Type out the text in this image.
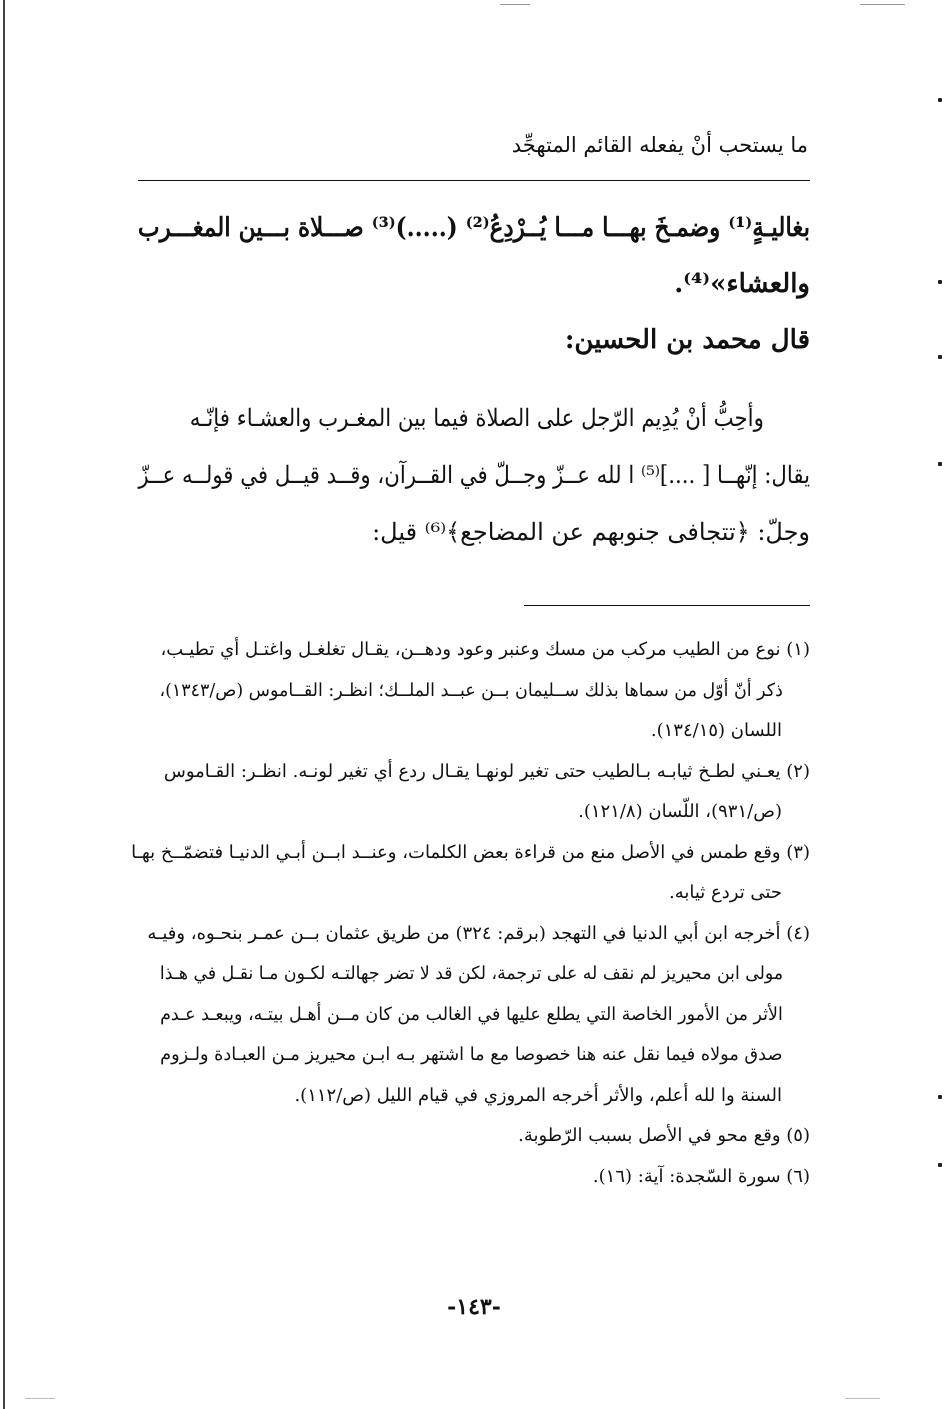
ما يستحب أنْ يفعله القائم المتهجِّد
بغاليـةٍ⁽¹⁾ وضمـخَ بهـــا مـــا يُــرْدِعُ⁽²⁾ (.....)⁽³⁾ صـــلاة بـــين المغـــرب
والعشاء»⁽⁴⁾.
قال محمد بن الحسين:
وأحِبُّ أنْ يُدِيم الرّجل على الصلاة فيما بين المغـرب والعشـاء فإنّـه
يقال: إنّهــا [ ....]⁽⁵⁾ ا لله عــزّ وجــلّ في القــرآن، وقــد قيــل في قولــه عــزّ
وجلّ: ﴿تتجافى جنوبهم عن المضاجع﴾⁽⁶⁾ قيل:
(١) نوع من الطيب مركب من مسك وعنبر وعود ودهــن، يقـال تغلغـل واغتـل أي تطيـب،
ذكر أنّ أوّل من سماها بذلك ســليمان بــن عبــد الملــك؛ انظـر: القــاموس (ص/١٣٤٣)،
اللسان (١٣٤/١٥).
(٢) يعـني لطـخ ثيابـه بـالطيب حتى تغير لونهـا يقـال ردع أي تغير لونـه. انظـر: القـاموس
(ص/٩٣١)، اللّسان (١٢١/٨).
(٣) وقع طمس في الأصل منع من قراءة بعض الكلمات، وعنــد ابــن أبـي الدنيـا فتضمّــخ بهـا
حتى تردع ثيابه.
(٤) أخرجه ابن أبي الدنيا في التهجد (برقم: ٣٢٤) من طريق عثمان بــن عمـر بنحـوه، وفيـه
مولى ابن محيريز لم نقف له على ترجمة، لكن قد لا تضر جهالتـه لكـون مـا نقـل في هـذا
الأثر من الأمور الخاصة التي يطلع عليها في الغالب من كان مــن أهـل بيتـه، ويبعـد عـدم
صدق مولاه فيما نقل عنه هنا خصوصا مع ما اشتهر بـه ابـن محيريز مـن العبـادة ولـزوم
السنة وا لله أعلم، والأثر أخرجه المروزي في قيام الليل (ص/١١٢).
(٥) وقع محو في الأصل بسبب الرّطوبة.
(٦) سورة السّجدة: آية: (١٦).
-١٤٣-
